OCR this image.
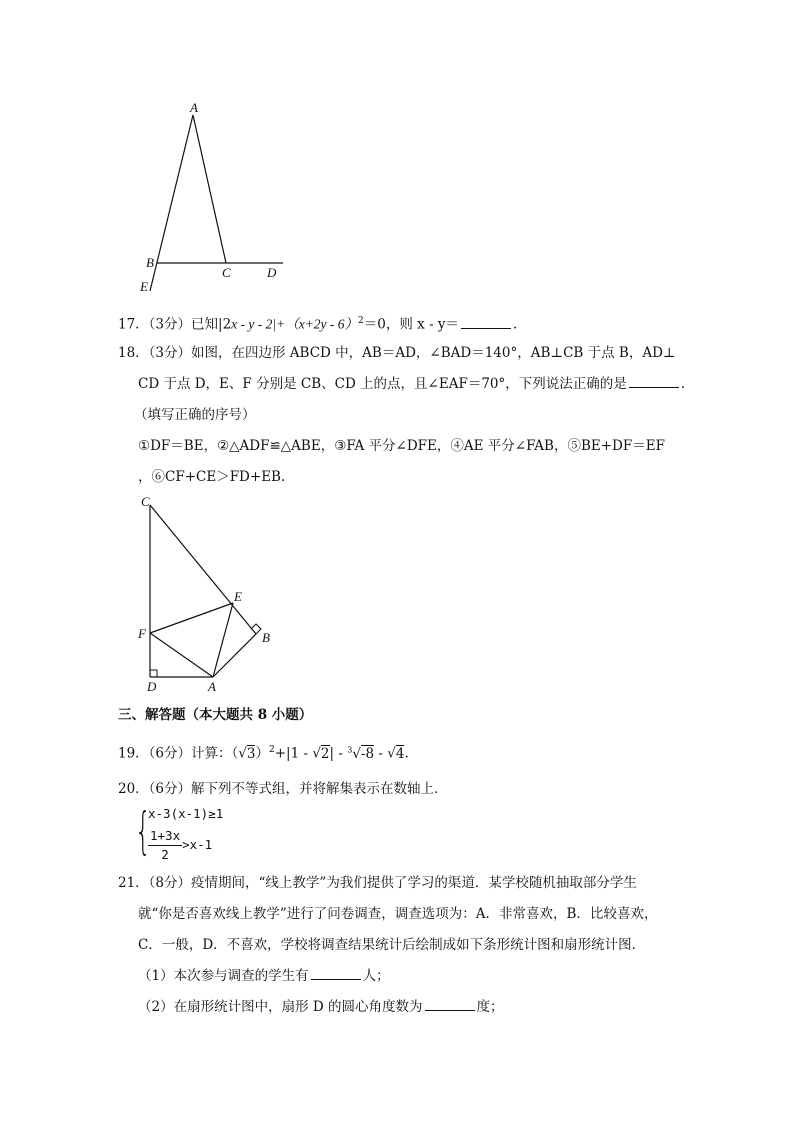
A
B
C	D
E
17．（3分）已知$|2x - y - 2|+(x+2y - 6)^2=0$，则 x - y＝	.
18．（3分）如图，在四边形 ABCD 中，AB＝AD，∠BAD＝140°，AB⊥CB 于点 B，AD⊥
CD 于点 D，E、F 分别是 CB、CD 上的点，且∠EAF＝70°，下列说法正确的是	.
（填写正确的序号）
①DF＝BE，②△ADF≌△ABE，③FA 平分∠DFE，④AE 平分∠FAB，⑤BE+DF＝EF
，⑥CF+CE＞FD+EB.
C
E
F	B
D	A
三、解答题（本大题共 8 小题）
19．（6分）计算：$(√3)^2+|1 - √2| - ^3√-8 - √4$.
20．（6分）解下列不等式组，并将解集表示在数轴上．
{
x-3(x-1)≥1
$\frac{1+3x}{2} >x-1$
21．（8分）疫情期间，“线上教学”为我们提供了学习的渠道．某学校随机抽取部分学生
就“你是否喜欢线上教学”进行了问卷调查，调查选项为：A．非常喜欢，B．比较喜欢，
C．一般，D．不喜欢，学校将调查结果统计后绘制成如下条形统计图和扇形统计图．
（1）本次参与调查的学生有	人；
（2）在扇形统计图中，扇形 D 的圆心角度数为	度；
